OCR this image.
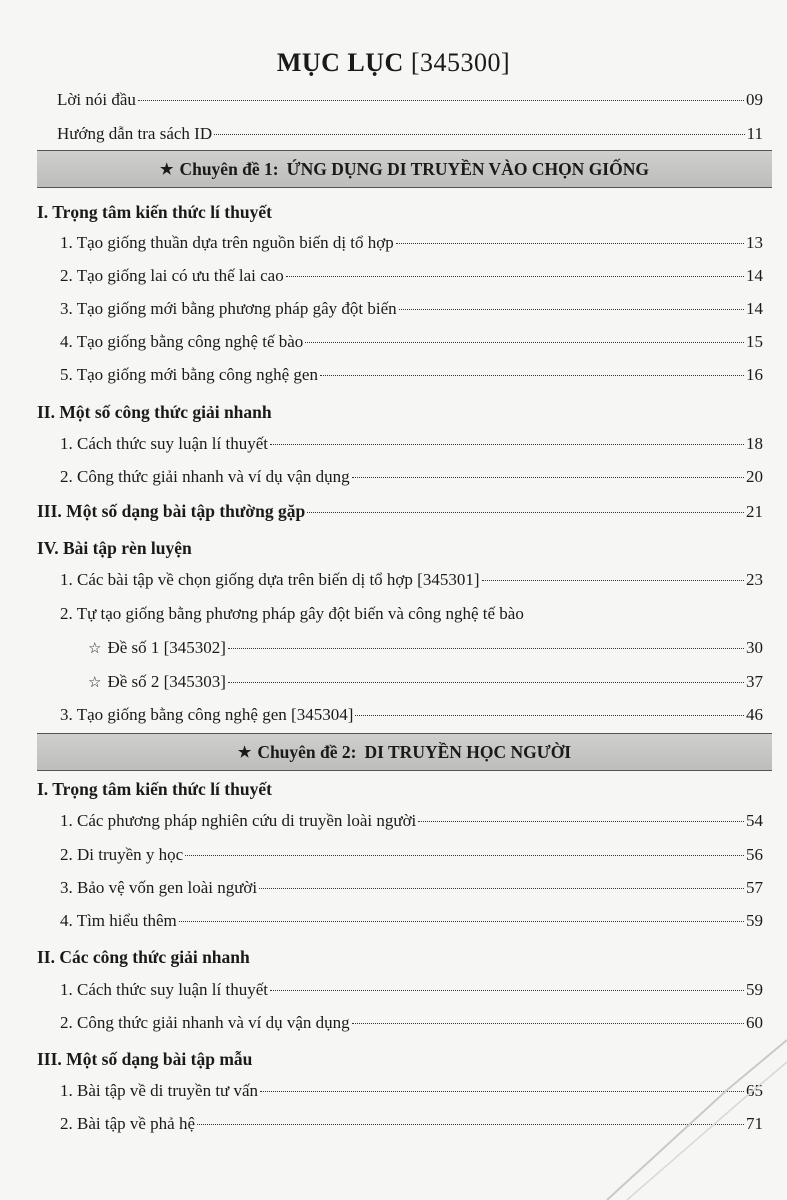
MỤC LỤC [345300]
Lời nói đầu	09
Hướng dẫn tra sách ID	11
★ Chuyên đề 1: ỨNG DỤNG DI TRUYỀN VÀO CHỌN GIỐNG
I. Trọng tâm kiến thức lí thuyết
1. Tạo giống thuần dựa trên nguồn biến dị tổ hợp	13
2. Tạo giống lai có ưu thế lai cao	14
3. Tạo giống mới bằng phương pháp gây đột biến	14
4. Tạo giống bằng công nghệ tế bào	15
5. Tạo giống mới bằng công nghệ gen	16
II. Một số công thức giải nhanh
1. Cách thức suy luận lí thuyết	18
2. Công thức giải nhanh và ví dụ vận dụng	20
III. Một số dạng bài tập thường gặp	21
IV. Bài tập rèn luyện
1. Các bài tập về chọn giống dựa trên biến dị tổ hợp [345301]	23
2. Tự tạo giống bằng phương pháp gây đột biến và công nghệ tế bào
☆ Đề số 1 [345302]	30
☆ Đề số 2 [345303]	37
3. Tạo giống bằng công nghệ gen [345304]	46
★ Chuyên đề 2: DI TRUYỀN HỌC NGƯỜI
I. Trọng tâm kiến thức lí thuyết
1. Các phương pháp nghiên cứu di truyền loài người	54
2. Di truyền y học	56
3. Bảo vệ vốn gen loài người	57
4. Tìm hiểu thêm	59
II. Các công thức giải nhanh
1. Cách thức suy luận lí thuyết	59
2. Công thức giải nhanh và ví dụ vận dụng	60
III. Một số dạng bài tập mẫu
1. Bài tập về di truyền tư vấn	65
2. Bài tập về phả hệ	71
